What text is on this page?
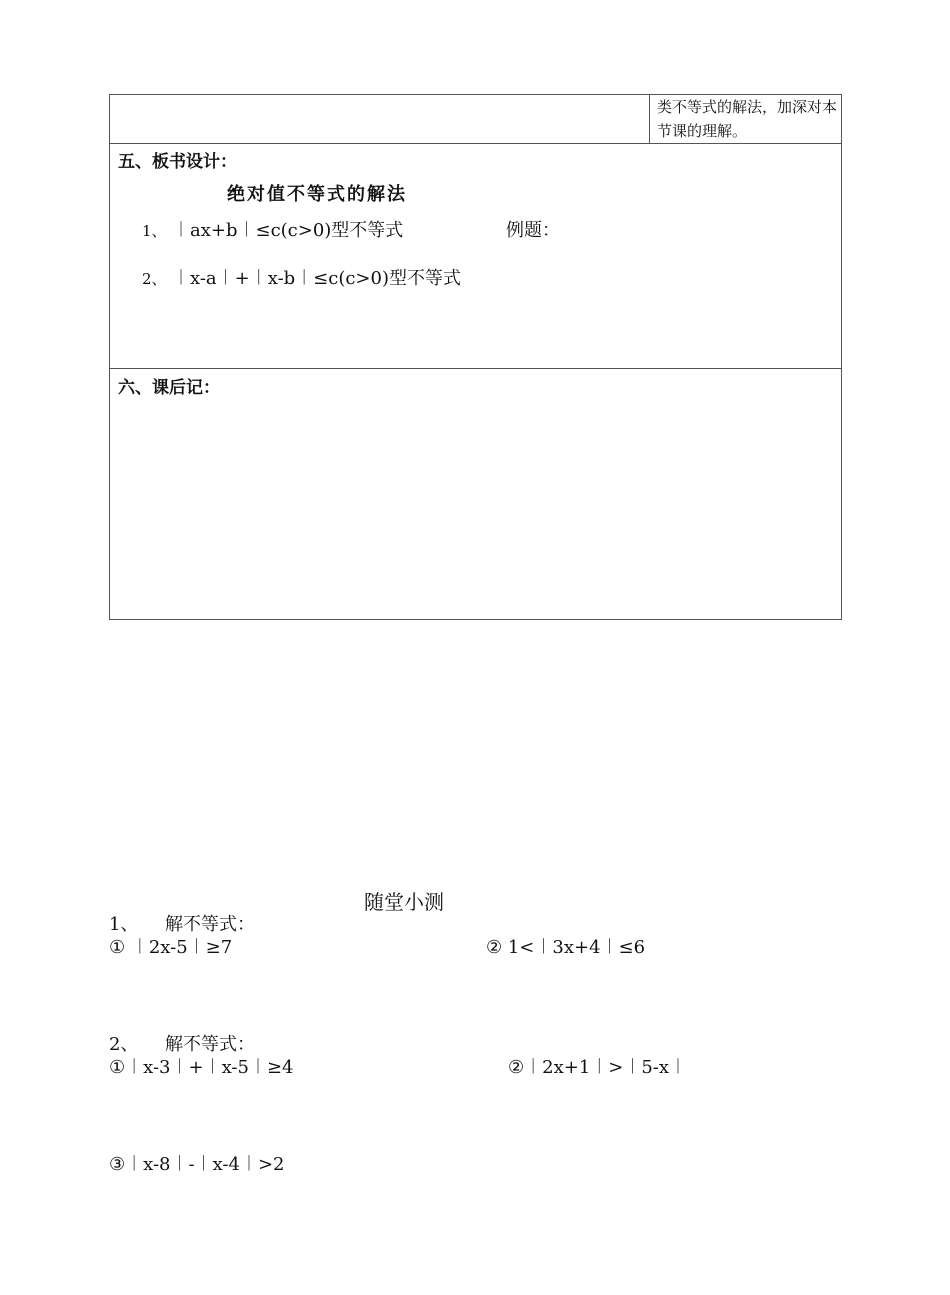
类不等式的解法，加深对本节课的理解。
五、板书设计：
绝对值不等式的解法
1、 ︱ax+b︱≤c(c>0)型不等式	例题：
2、 ︱x-a︱+︱x-b︱≤c(c>0)型不等式
六、课后记：
随堂小测
1、 解不等式：
① ︱2x-5︱≥7	② 1<︱3x+4︱≤6
2、 解不等式：
①︱x-3︱+︱x-5︱≥4	②︱2x+1︱>︱5-x︱
③︱x-8︱-︱x-4︱>2
